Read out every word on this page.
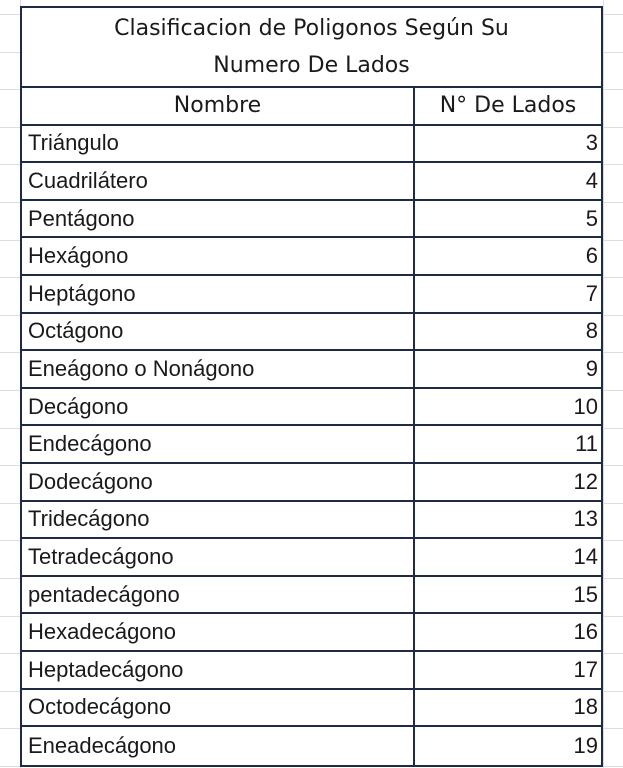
Clasificacion de Poligonos Según Su
Numero De Lados
Nombre	N° De Lados
Triángulo	3
Cuadrilátero	4
Pentágono	5
Hexágono	6
Heptágono	7
Octágono	8
Eneágono o Nonágono	9
Decágono	10
Endecágono	11
Dodecágono	12
Tridecágono	13
Tetradecágono	14
pentadecágono	15
Hexadecágono	16
Heptadecágono	17
Octodecágono	18
Eneadecágono	19
